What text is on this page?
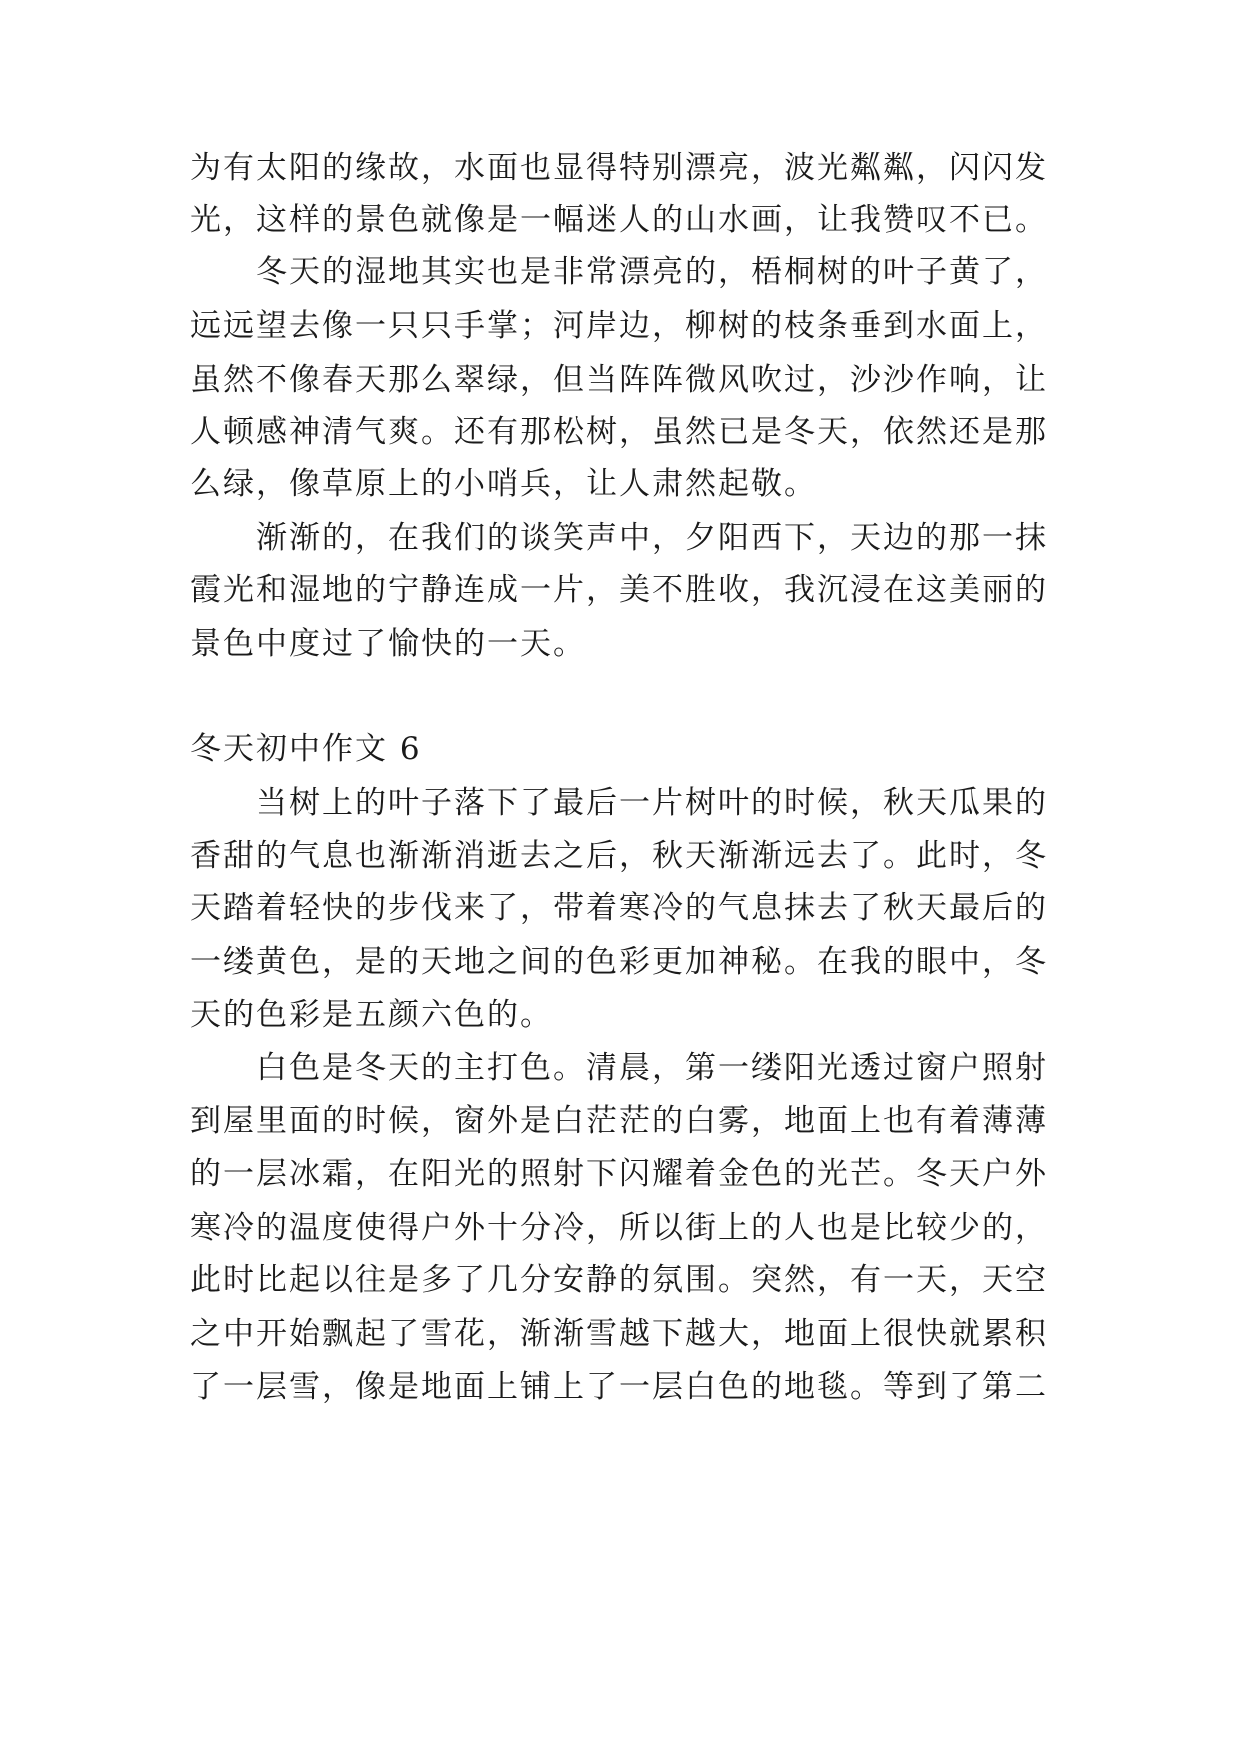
为有太阳的缘故，水面也显得特别漂亮，波光粼粼，闪闪发
光，这样的景色就像是一幅迷人的山水画，让我赞叹不已。
冬天的湿地其实也是非常漂亮的，梧桐树的叶子黄了，
远远望去像一只只手掌；河岸边，柳树的枝条垂到水面上，
虽然不像春天那么翠绿，但当阵阵微风吹过，沙沙作响，让
人顿感神清气爽。还有那松树，虽然已是冬天，依然还是那
么绿，像草原上的小哨兵，让人肃然起敬。
渐渐的，在我们的谈笑声中，夕阳西下，天边的那一抹
霞光和湿地的宁静连成一片，美不胜收，我沉浸在这美丽的
景色中度过了愉快的一天。
冬天初中作文 6
当树上的叶子落下了最后一片树叶的时候，秋天瓜果的
香甜的气息也渐渐消逝去之后，秋天渐渐远去了。此时，冬
天踏着轻快的步伐来了，带着寒冷的气息抹去了秋天最后的
一缕黄色，是的天地之间的色彩更加神秘。在我的眼中，冬
天的色彩是五颜六色的。
白色是冬天的主打色。清晨，第一缕阳光透过窗户照射
到屋里面的时候，窗外是白茫茫的白雾，地面上也有着薄薄
的一层冰霜，在阳光的照射下闪耀着金色的光芒。冬天户外
寒冷的温度使得户外十分冷，所以街上的人也是比较少的，
此时比起以往是多了几分安静的氛围。突然，有一天，天空
之中开始飘起了雪花，渐渐雪越下越大，地面上很快就累积
了一层雪，像是地面上铺上了一层白色的地毯。等到了第二
